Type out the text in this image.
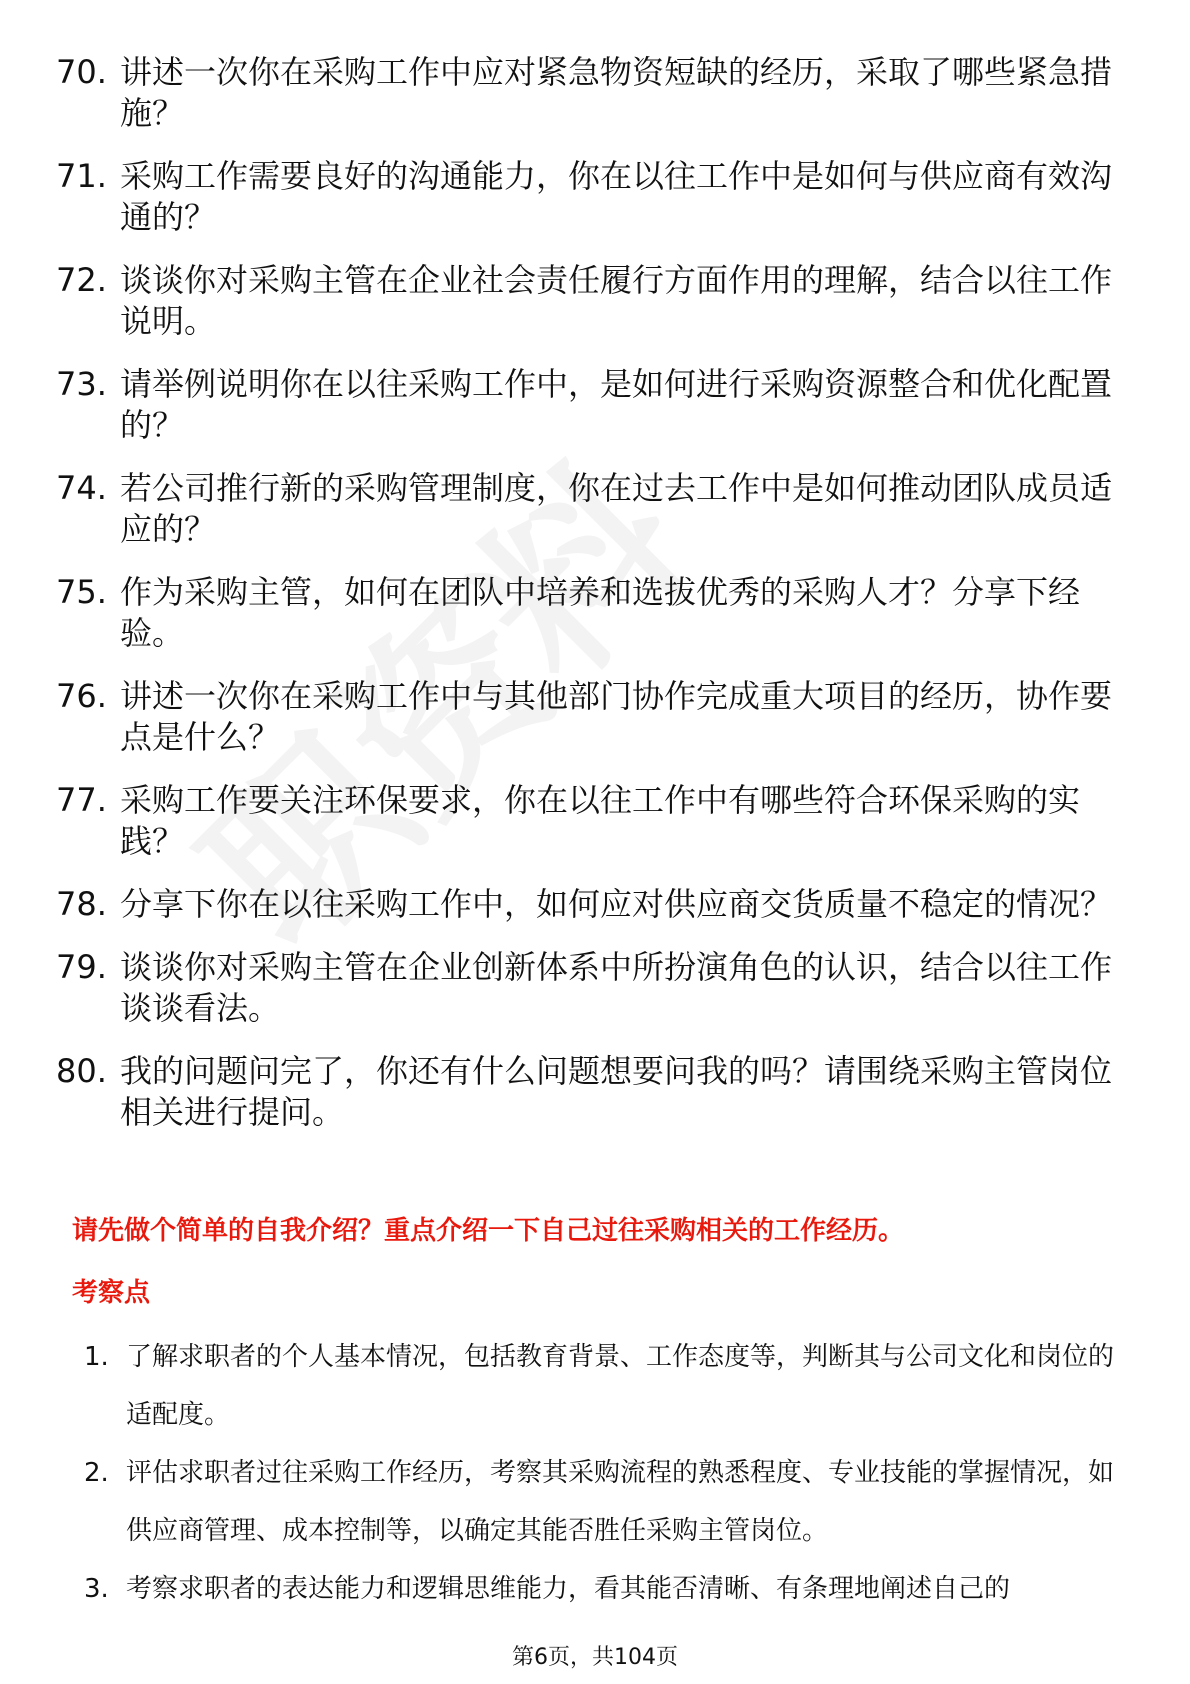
70. 讲述一次你在采购工作中应对紧急物资短缺的经历，采取了哪些紧急措施？
71. 采购工作需要良好的沟通能力，你在以往工作中是如何与供应商有效沟通的？
72. 谈谈你对采购主管在企业社会责任履行方面作用的理解，结合以往工作说明。
73. 请举例说明你在以往采购工作中，是如何进行采购资源整合和优化配置的？
74. 若公司推行新的采购管理制度，你在过去工作中是如何推动团队成员适应的？
75. 作为采购主管，如何在团队中培养和选拔优秀的采购人才？分享下经验。
76. 讲述一次你在采购工作中与其他部门协作完成重大项目的经历，协作要点是什么？
77. 采购工作要关注环保要求，你在以往工作中有哪些符合环保采购的实践？
78. 分享下你在以往采购工作中，如何应对供应商交货质量不稳定的情况？
79. 谈谈你对采购主管在企业创新体系中所扮演角色的认识，结合以往工作谈谈看法。
80. 我的问题问完了，你还有什么问题想要问我的吗？请围绕采购主管岗位相关进行提问。
请先做个简单的自我介绍？重点介绍一下自己过往采购相关的工作经历。
考察点
1. 了解求职者的个人基本情况，包括教育背景、工作态度等，判断其与公司文化和岗位的适配度。
2. 评估求职者过往采购工作经历，考察其采购流程的熟悉程度、专业技能的掌握情况，如供应商管理、成本控制等，以确定其能否胜任采购主管岗位。
3. 考察求职者的表达能力和逻辑思维能力，看其能否清晰、有条理地阐述自己的
第6页，共104页
